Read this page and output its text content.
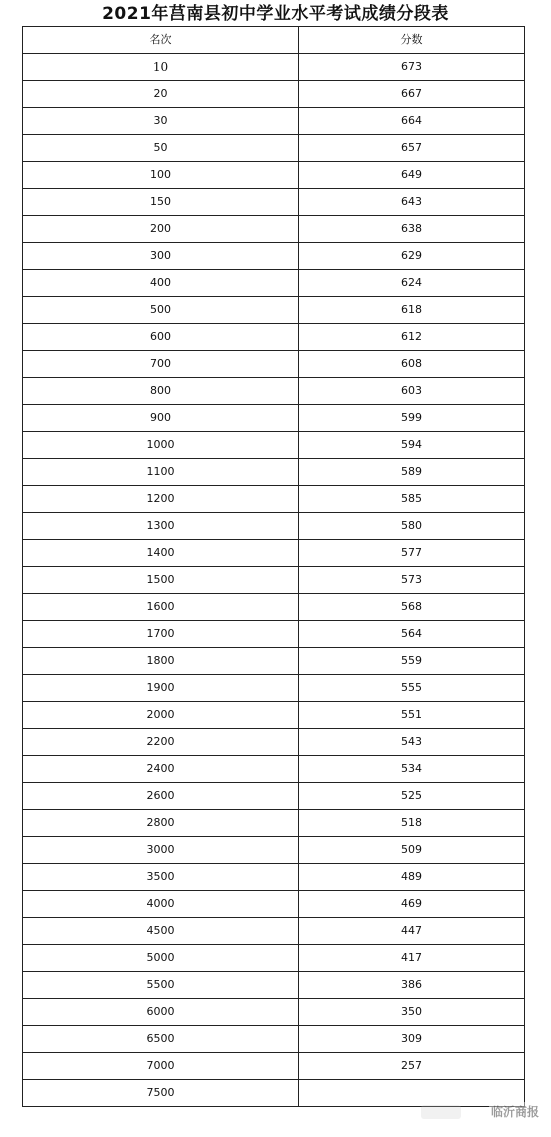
2021年莒南县初中学业水平考试成绩分段表
名次	分数
10	673
20	667
30	664
50	657
100	649
150	643
200	638
300	629
400	624
500	618
600	612
700	608
800	603
900	599
1000	594
1100	589
1200	585
1300	580
1400	577
1500	573
1600	568
1700	564
1800	559
1900	555
2000	551
2200	543
2400	534
2600	525
2800	518
3000	509
3500	489
4000	469
4500	447
5000	417
5500	386
6000	350
6500	309
7000	257
7500	
临沂商报
